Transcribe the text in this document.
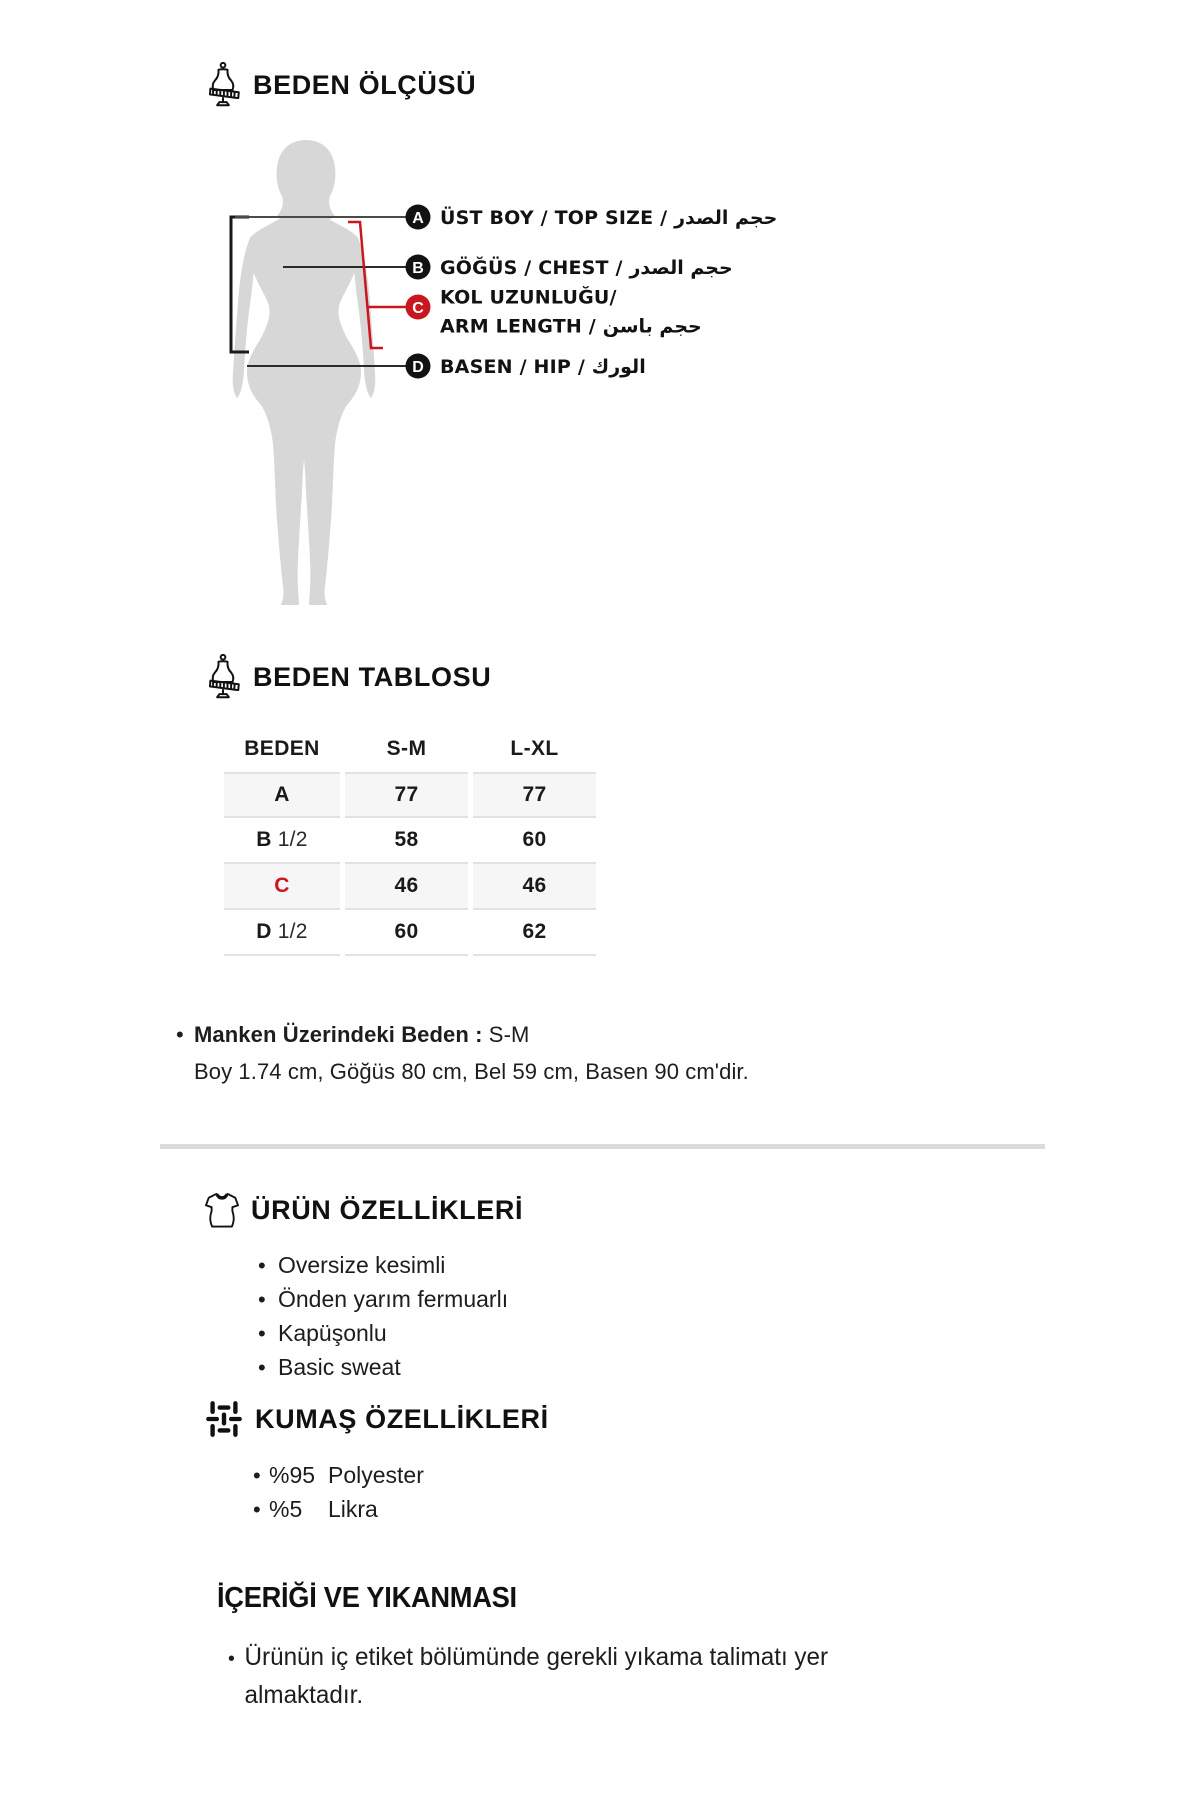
BEDEN ÖLÇÜSÜ
A
B
C
D
ÜST BOY / TOP SIZE / حجم الصدر
GÖĞÜS / CHEST / حجم الصدر
KOL UZUNLUĞU/
ARM LENGTH / حجم باسن
BASEN / HIP / الورك
BEDEN TABLOSU
BEDEN	S-M	L-XL
A	77	77
B 1/2	58	60
C	46	46
D 1/2	60	62
• Manken Üzerindeki Beden : S-M
Boy 1.74 cm, Göğüs 80 cm, Bel 59 cm, Basen 90 cm'dir.
ÜRÜN ÖZELLİKLERİ
• Oversize kesimli
• Önden yarım fermuarlı
• Kapüşonlu
• Basic sweat
KUMAŞ ÖZELLİKLERİ
• %95 Polyester
• %5	Likra
İÇERİĞİ VE YIKANMASI
• Ürünün iç etiket bölümünde gerekli yıkama talimatı yer
almaktadır.
